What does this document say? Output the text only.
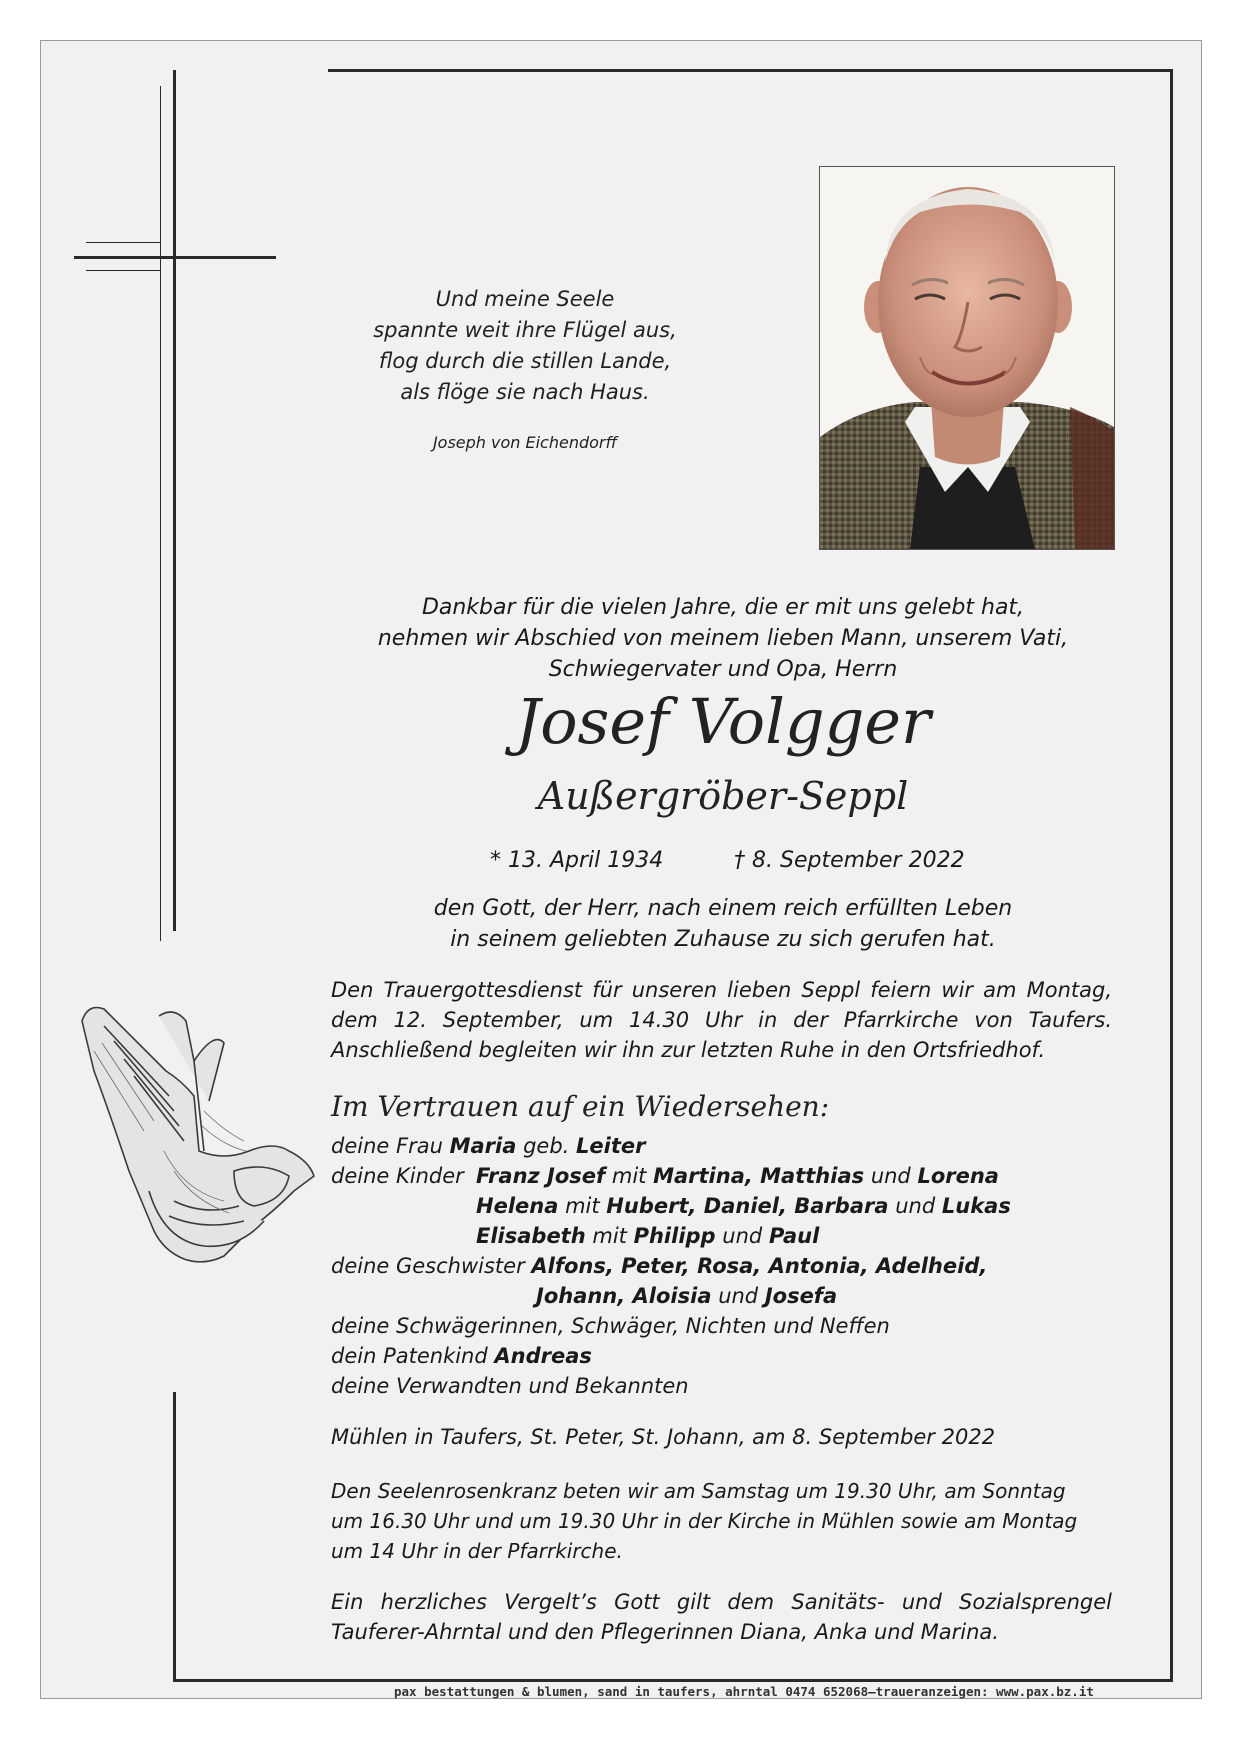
Und meine Seele
spannte weit ihre Flügel aus,
flog durch die stillen Lande,
als flöge sie nach Haus.
Joseph von Eichendorff
Dankbar für die vielen Jahre, die er mit uns gelebt hat,
nehmen wir Abschied von meinem lieben Mann, unserem Vati,
Schwiegervater und Opa, Herrn
Josef Volgger
Außergröber-Seppl
* 13. April 1934	† 8. September 2022
den Gott, der Herr, nach einem reich erfüllten Leben
in seinem geliebten Zuhause zu sich gerufen hat.
Den Trauergottesdienst für unseren lieben Seppl feiern wir am Montag,
dem 12. September, um 14.30 Uhr in der Pfarrkirche von Taufers.
Anschließend begleiten wir ihn zur letzten Ruhe in den Ortsfriedhof.
Im Vertrauen auf ein Wiedersehen:
deine Frau Maria geb. Leiter
deine Kinder Franz Josef mit Martina, Matthias und Lorena
Helena mit Hubert, Daniel, Barbara und Lukas
Elisabeth mit Philipp und Paul
deine Geschwister Alfons, Peter, Rosa, Antonia, Adelheid,
Johann, Aloisia und Josefa
deine Schwägerinnen, Schwäger, Nichten und Neffen
dein Patenkind Andreas
deine Verwandten und Bekannten
Mühlen in Taufers, St. Peter, St. Johann, am 8. September 2022
Den Seelenrosenkranz beten wir am Samstag um 19.30 Uhr, am Sonntag
um 16.30 Uhr und um 19.30 Uhr in der Kirche in Mühlen sowie am Montag
um 14 Uhr in der Pfarrkirche.
Ein herzliches Vergelt’s Gott gilt dem Sanitäts- und Sozialsprengel
Tauferer-Ahrntal und den Pflegerinnen Diana, Anka und Marina.
pax bestattungen & blumen, sand in taufers, ahrntal 0474 652068–traueranzeigen: www.pax.bz.it
